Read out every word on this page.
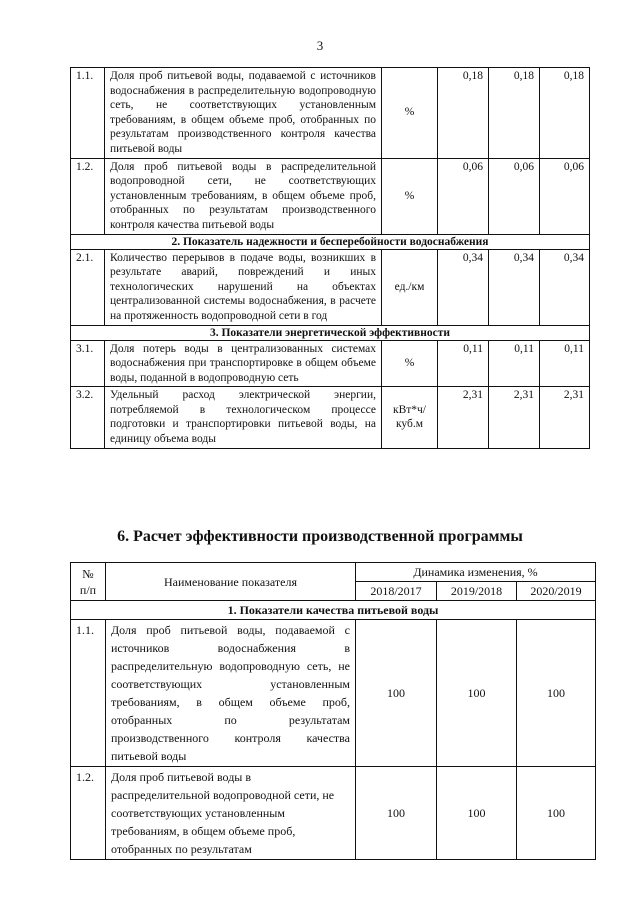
3
1.1.	Доля проб питьевой воды, подаваемой с источников водоснабжения в распределительную водопроводную сеть, не соответствующих установленным требованиям, в общем объеме проб, отобранных по результатам производственного контроля качества питьевой воды	%	0,18	0,18	0,18
1.2.	Доля проб питьевой воды в распределительной водопроводной сети, не соответствующих установленным требованиям, в общем объеме проб, отобранных по результатам производственного контроля качества питьевой воды	%	0,06	0,06	0,06
2. Показатель надежности и бесперебойности водоснабжения					
2.1.	Количество перерывов в подаче воды, возникших в результате аварий, повреждений и иных технологических нарушений на объектах централизованной системы водоснабжения, в расчете на протяженность водопроводной сети в год	ед./км	0,34	0,34	0,34
3. Показатели энергетической эффективности					
3.1.	Доля потерь воды в централизованных системах водоснабжения при транспортировке в общем объеме воды, поданной в водопроводную сеть	%	0,11	0,11	0,11
3.2.	Удельный расход электрической энергии, потребляемой в технологическом процессе подготовки и транспортировки питьевой воды, на единицу объема воды	кВт*ч/ куб.м	2,31	2,31	2,31
6. Расчет эффективности производственной программы
№ п/п	Наименование показателя	Динамика изменения, %		
		2018/2017	2019/2018	2020/2019
1. Показатели качества питьевой воды				
1.1.	Доля проб питьевой воды, подаваемой с источников водоснабжения в распределительную водопроводную сеть, не соответствующих установленным требованиям, в общем объеме проб, отобранных по результатам производственного контроля качества питьевой воды	100	100	100
1.2.	Доля проб питьевой воды в распределительной водопроводной сети, не соответствующих установленным требованиям, в общем объеме проб, отобранных по результатам	100	100	100
